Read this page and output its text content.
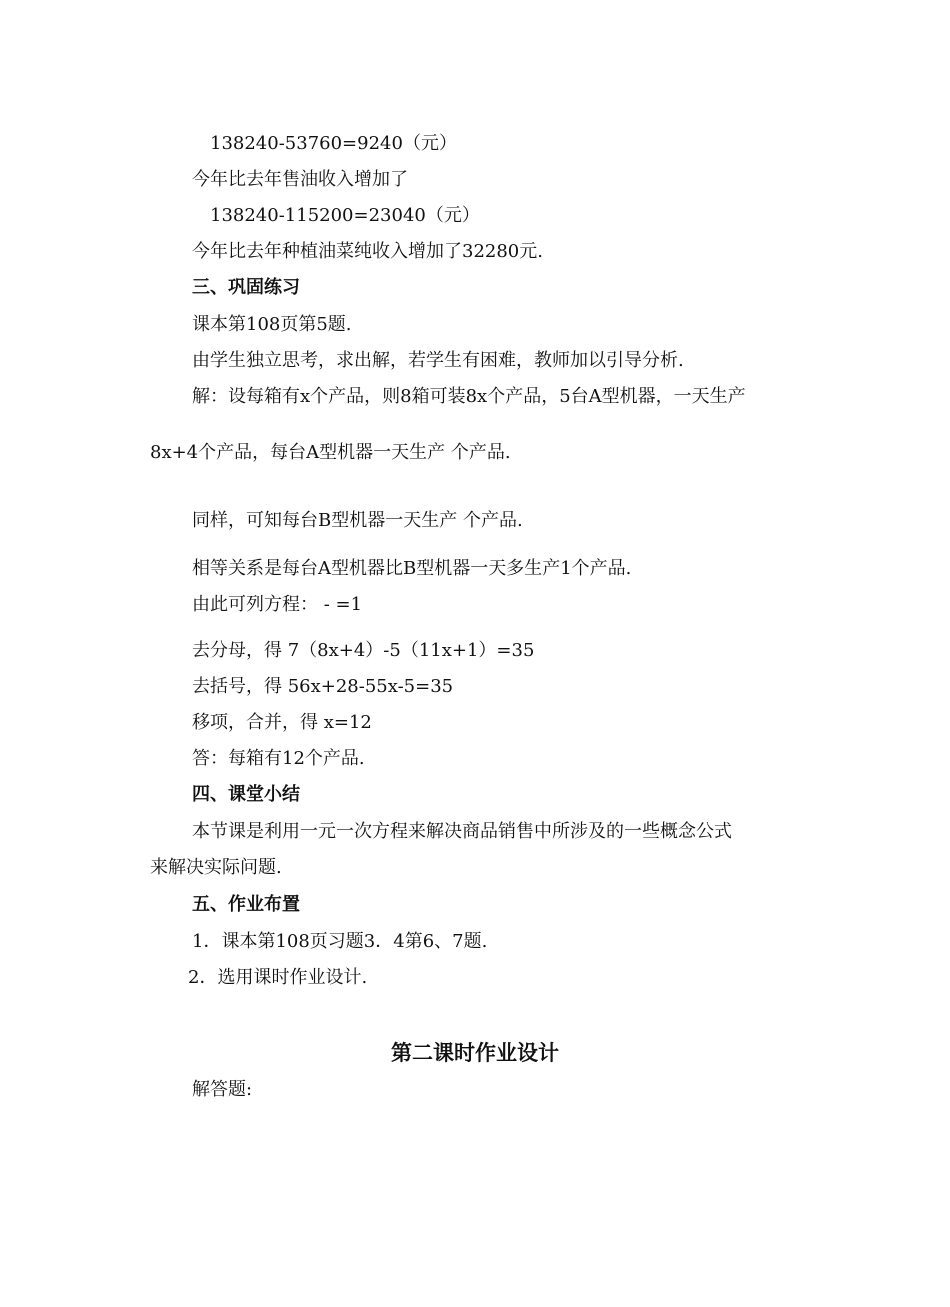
138240-53760=9240（元）
今年比去年售油收入增加了
138240-115200=23040（元）
今年比去年种植油菜纯收入增加了32280元.
三、巩固练习
课本第108页第5题.
由学生独立思考，求出解，若学生有困难，教师加以引导分析.
解：设每箱有x个产品，则8箱可装8x个产品，5台A型机器，一天生产
8x+4个产品，每台A型机器一天生产 个产品.
同样，可知每台B型机器一天生产 个产品.
相等关系是每台A型机器比B型机器一天多生产1个产品.
由此可列方程： - =1
去分母，得 7（8x+4）-5（11x+1）=35
去括号，得 56x+28-55x-5=35
移项，合并，得 x=12
答：每箱有12个产品.
四、课堂小结
本节课是利用一元一次方程来解决商品销售中所涉及的一些概念公式
来解决实际问题.
五、作业布置
1．课本第108页习题3．4第6、7题.
2．选用课时作业设计.
第二课时作业设计
解答题:
